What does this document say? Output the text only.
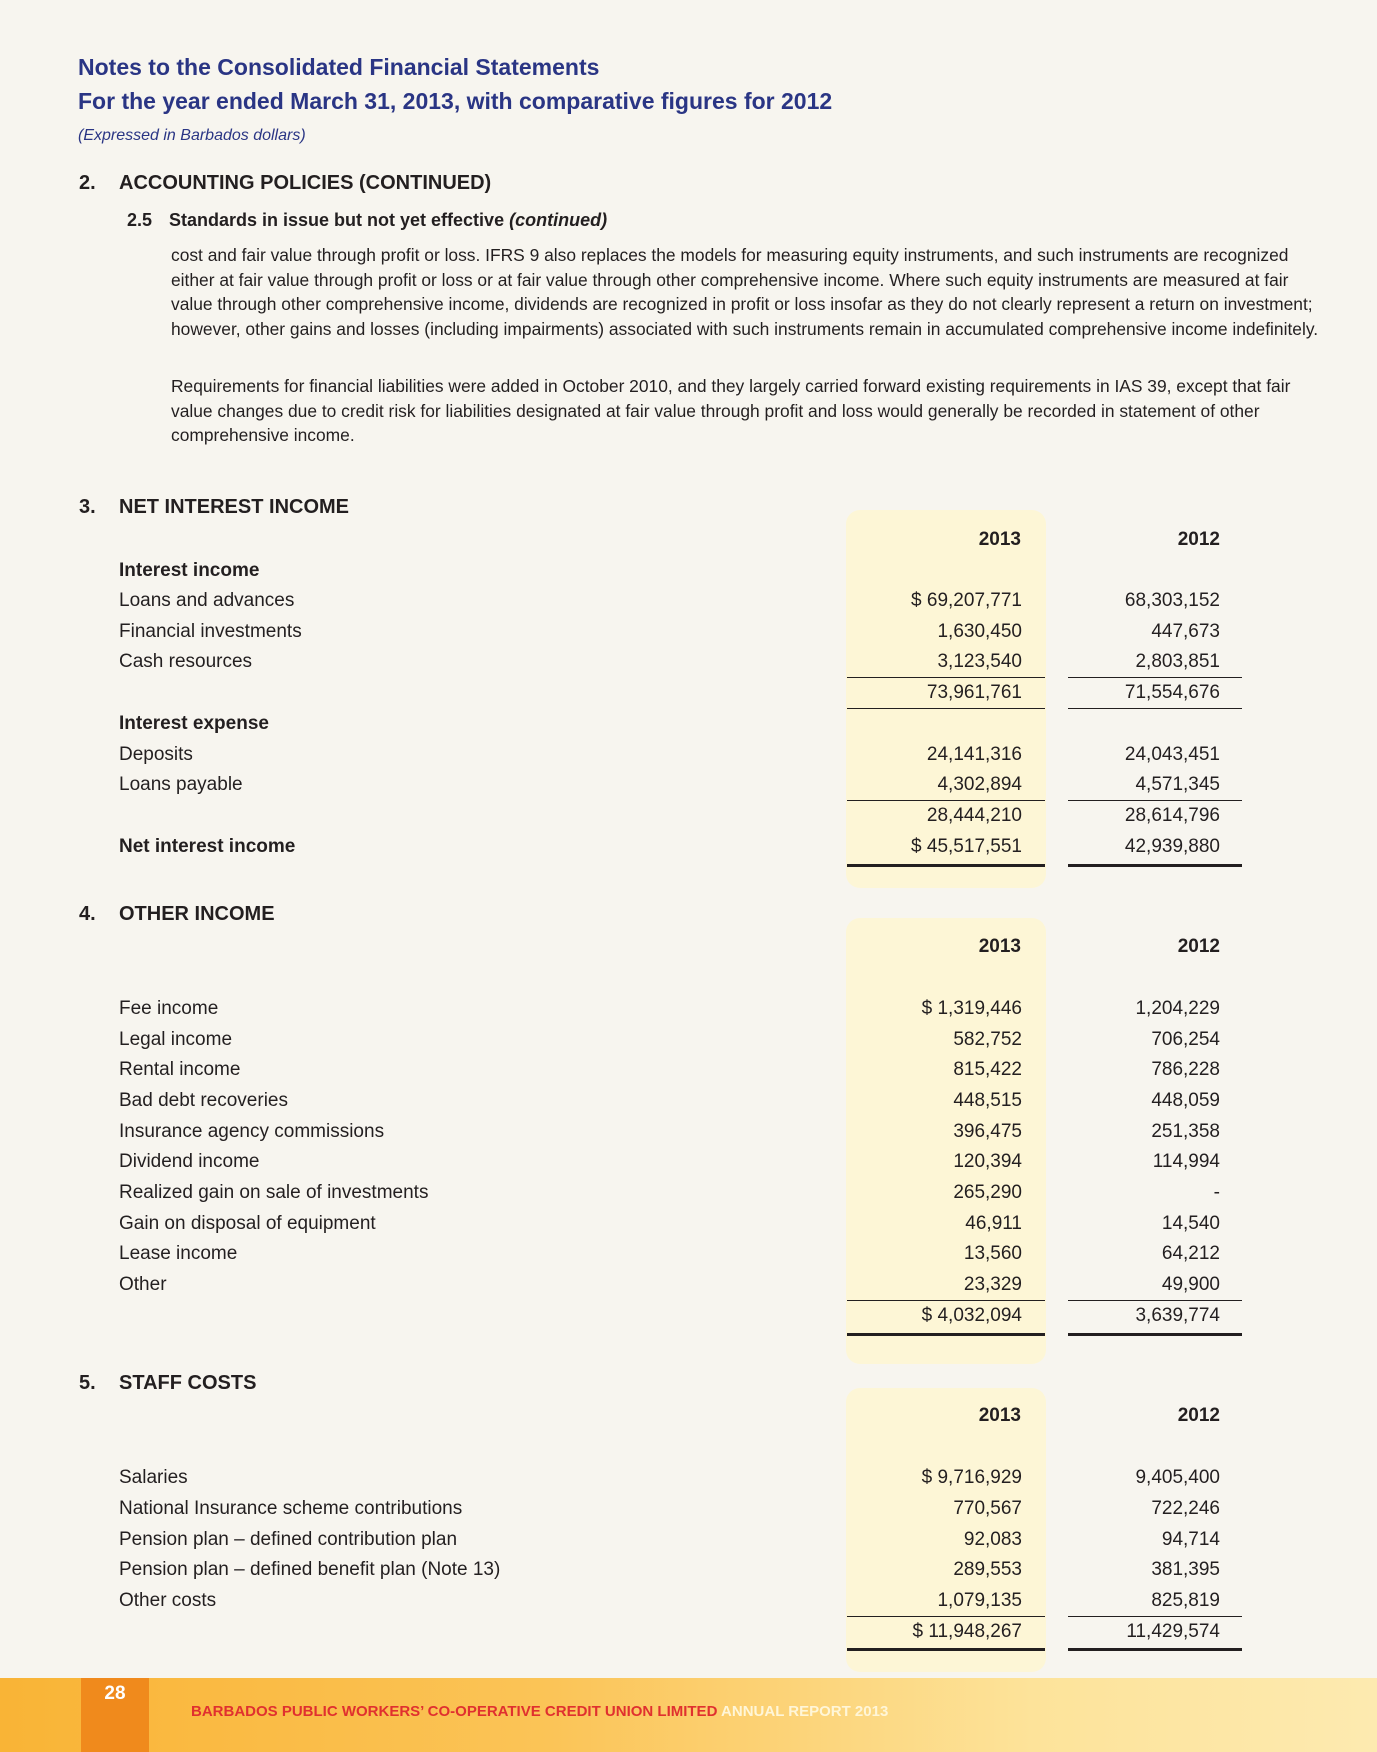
Notes to the Consolidated Financial Statements
For the year ended March 31, 2013, with comparative figures for 2012
(Expressed in Barbados dollars)
2. ACCOUNTING POLICIES (CONTINUED)
2.5 Standards in issue but not yet effective (continued)

cost and fair value through profit or loss. IFRS 9 also replaces the models for measuring equity instruments, and such instruments are recognized either at fair value through profit or loss or at fair value through other comprehensive income. Where such equity instruments are measured at fair value through other comprehensive income, dividends are recognized in profit or loss insofar as they do not clearly represent a return on investment; however, other gains and losses (including impairments) associated with such instruments remain in accumulated comprehensive income indefinitely.

Requirements for financial liabilities were added in October 2010, and they largely carried forward existing requirements in IAS 39, except that fair value changes due to credit risk for liabilities designated at fair value through profit and loss would generally be recorded in statement of other comprehensive income.

3. NET INTEREST INCOME
2013	2012
Interest income
Loans and advances	$ 69,207,771	68,303,152
Financial investments	1,630,450	447,673
Cash resources	3,123,540	2,803,851
73,961,761	71,554,676
Interest expense
Deposits	24,141,316	24,043,451
Loans payable	4,302,894	4,571,345
28,444,210	28,614,796
Net interest income	$ 45,517,551	42,939,880
4. OTHER INCOME
2013	2012
Fee income	$ 1,319,446	1,204,229
Legal income	582,752	706,254
Rental income	815,422	786,228
Bad debt recoveries	448,515	448,059
Insurance agency commissions	396,475	251,358
Dividend income	120,394	114,994
Realized gain on sale of investments	265,290	-
Gain on disposal of equipment	46,911	14,540
Lease income	13,560	64,212
Other	23,329	49,900
$ 4,032,094	3,639,774
5. STAFF COSTS
2013	2012
Salaries	$ 9,716,929	9,405,400
National Insurance scheme contributions	770,567	722,246
Pension plan – defined contribution plan	92,083	94,714
Pension plan – defined benefit plan (Note 13)	289,553	381,395
Other costs	1,079,135	825,819
$ 11,948,267	11,429,574
28
BARBADOS PUBLIC WORKERS’ CO-OPERATIVE CREDIT UNION LIMITED ANNUAL REPORT 2013
